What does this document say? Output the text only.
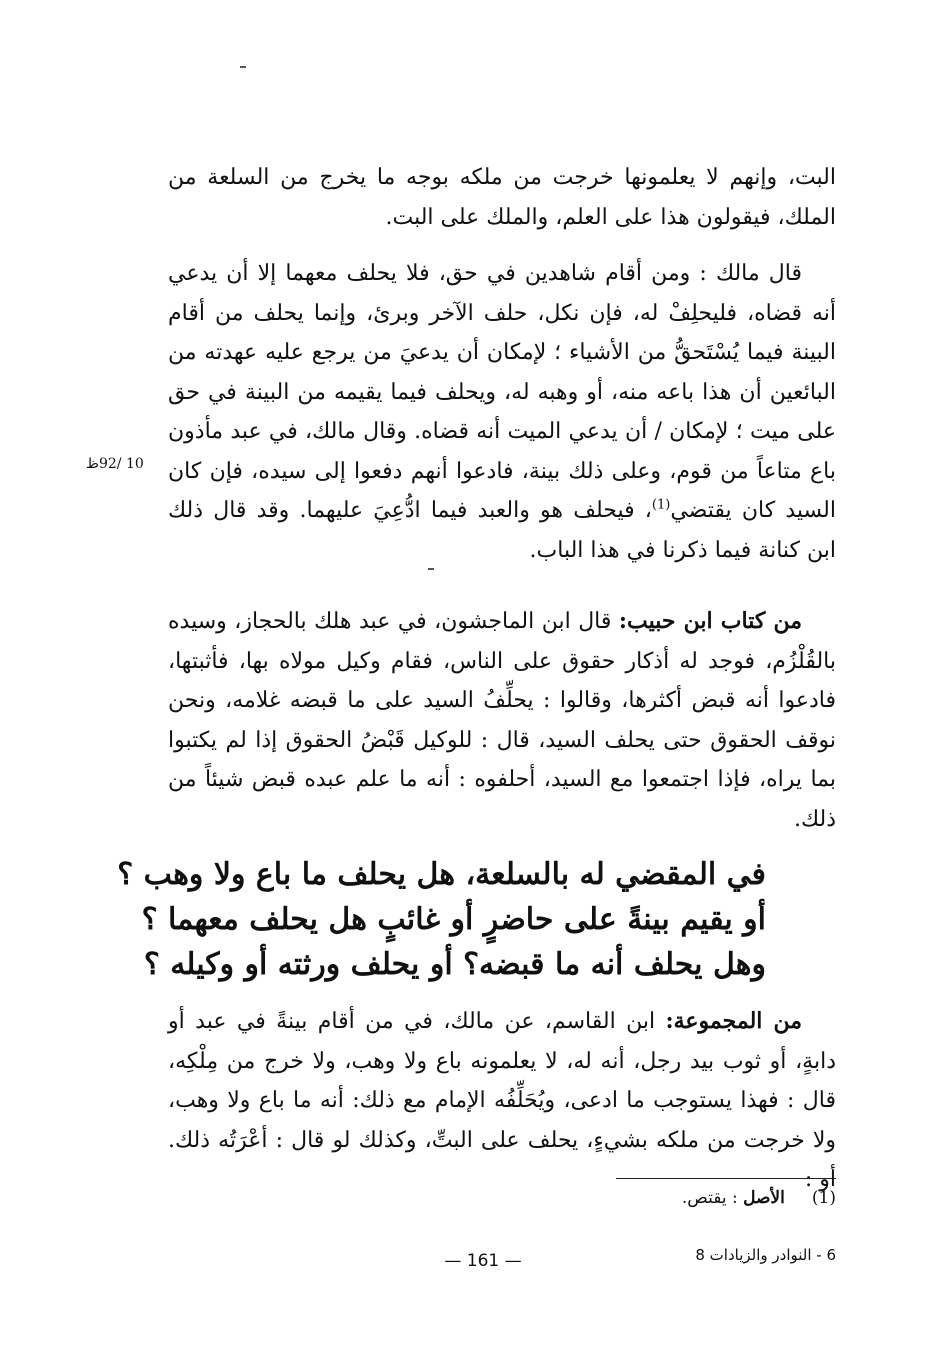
البت، وإنهم لا يعلمونها خرجت من ملكه بوجه ما يخرج من السلعة من الملك، فيقولون هذا على العلم، والملك على البت.

قال مالك : ومن أقام شاهدين في حق، فلا يحلف معهما إلا أن يدعي أنه قضاه، فليحلِفْ له، فإن نكل، حلف الآخر وبرئ، وإنما يحلف من أقام البينة فيما يُسْتَحقُّ من الأشياء ؛ لإمكان أن يدعيَ من يرجع عليه عهدته من البائعين أن هذا باعه منه، أو وهبه له، ويحلف فيما يقيمه من البينة في حق على ميت ؛ لإمكان / أن يدعي الميت أنه قضاه. وقال مالك، في عبد مأذون باع متاعاً من قوم، وعلى ذلك بينة، فادعوا أنهم دفعوا إلى سيده، فإن كان السيد كان يقتضي$^{(1)}$، فيحلف هو والعبد فيما ادُّعِيَ عليهما. وقد قال ذلك ابن كنانة فيما ذكرنا في هذا الباب.

10 /92ظ

من كتاب ابن حبيب: قال ابن الماجشون، في عبد هلك بالحجاز، وسيده بالقُلْزُم، فوجد له أذكار حقوق على الناس، فقام وكيل مولاه بها، فأثبتها، فادعوا أنه قبض أكثرها، وقالوا : يحلِّفُ السيد على ما قبضه غلامه، ونحن نوقف الحقوق حتى يحلف السيد، قال : للوكيل قَبْضُ الحقوق إذا لم يكتبوا بما يراه، فإذا اجتمعوا مع السيد، أحلفوه : أنه ما علم عبده قبض شيئاً من ذلك.

في المقضي له بالسلعة، هل يحلف ما باع ولا وهب ؟
أو يقيم بينةً على حاضرٍ أو غائبٍ هل يحلف معهما ؟
وهل يحلف أنه ما قبضه؟ أو يحلف ورثته أو وكيله ؟

من المجموعة: ابن القاسم، عن مالك، في من أقام بينةً في عبد أو دابةٍ، أو ثوب بيد رجل، أنه له، لا يعلمونه باع ولا وهب، ولا خرج من مِلْكِه، قال : فهذا يستوجب ما ادعى، ويُحَلِّفُه الإمام مع ذلك: أنه ما باع ولا وهب، ولا خرجت من ملكه بشيءٍ، يحلف على البتِّ، وكذلك لو قال : أعْرَتُه ذلك. أو :

(1)     الأصل : يقتص.
— 161 —	6 - النوادر والزيادات 8
